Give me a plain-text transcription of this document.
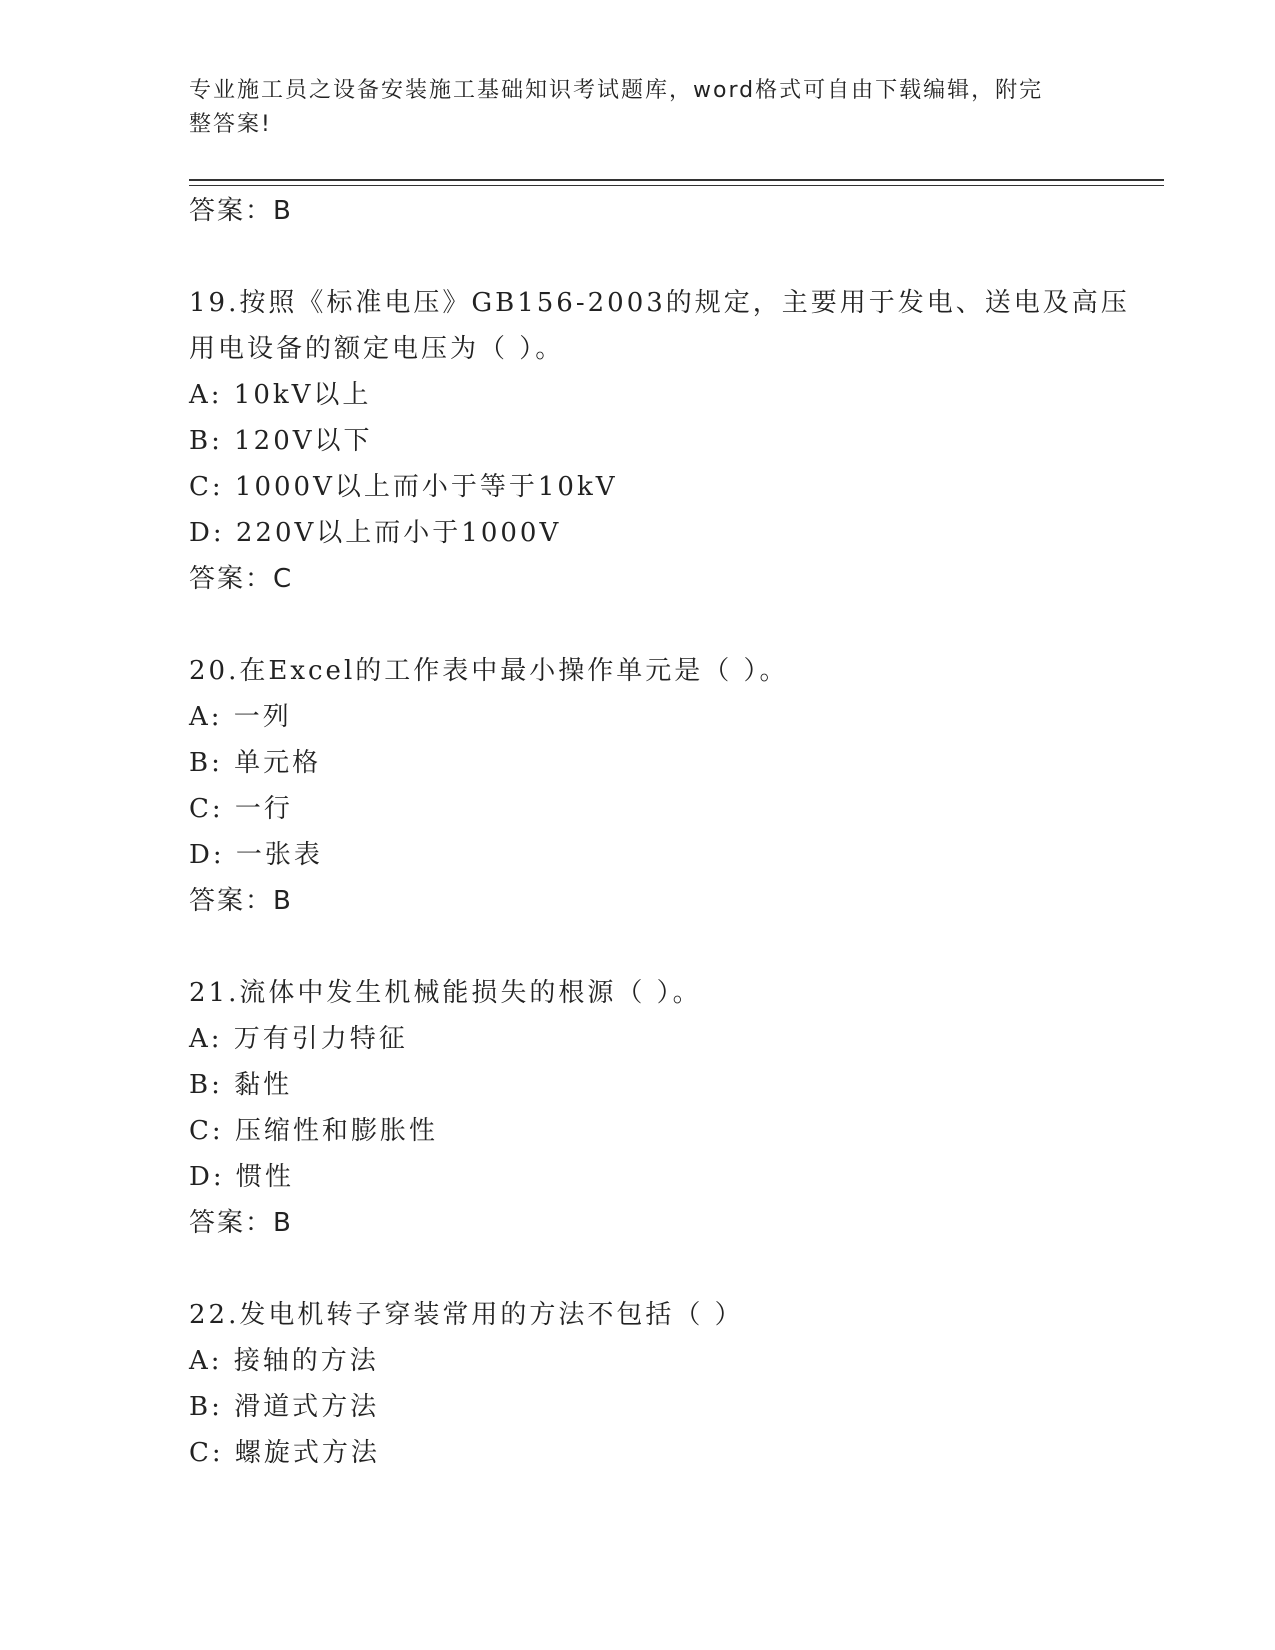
专业施工员之设备安装施工基础知识考试题库，word格式可自由下载编辑，附完
整答案!
答案：B
19.按照《标准电压》GB156-2003的规定，主要用于发电、送电及高压
用电设备的额定电压为（ ）。
A: 10kV以上
B: 120V以下
C: 1000V以上而小于等于10kV
D: 220V以上而小于1000V
答案：C
20.在Excel的工作表中最小操作单元是（ ）。
A: 一列
B: 单元格
C: 一行
D: 一张表
答案：B
21.流体中发生机械能损失的根源（ ）。
A: 万有引力特征
B: 黏性
C: 压缩性和膨胀性
D: 惯性
答案：B
22.发电机转子穿装常用的方法不包括（ ）
A: 接轴的方法
B: 滑道式方法
C: 螺旋式方法
